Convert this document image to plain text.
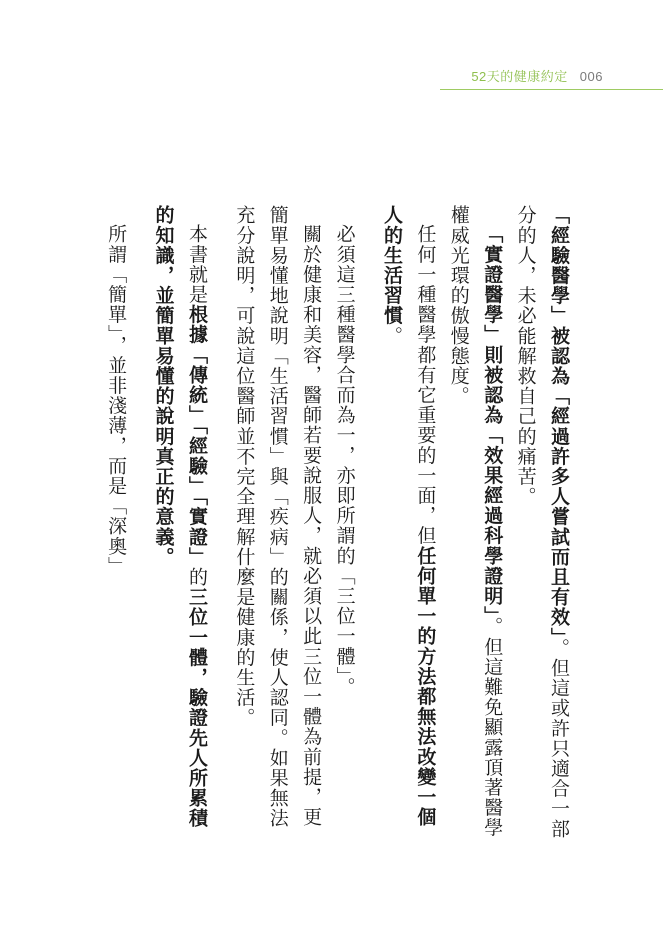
52天的健康約定 006

「經驗醫學」被認為「經過許多人嘗試而且有效」。但這或許只適合一部分的人，未必能解救自己的痛苦。

「實證醫學」則被認為「效果經過科學證明」。但這難免顯露頂著醫學權威光環的傲慢態度。

任何一種醫學都有它重要的一面，但任何單一的方法都無法改變一個人的生活習慣。

必須這三種醫學合而為一，亦即所謂的「三位一體」。

關於健康和美容，醫師若要說服人，就必須以此三位一體為前提，更簡單易懂地說明「生活習慣」與「疾病」的關係，使人認同。如果無法充分說明，可說這位醫師並不完全理解什麼是健康的生活。

本書就是根據「傳統」「經驗」「實證」的三位一體，驗證先人所累積的知識，並簡單易懂的說明真正的意義。

所謂「簡單」，並非淺薄，而是「深奧」
